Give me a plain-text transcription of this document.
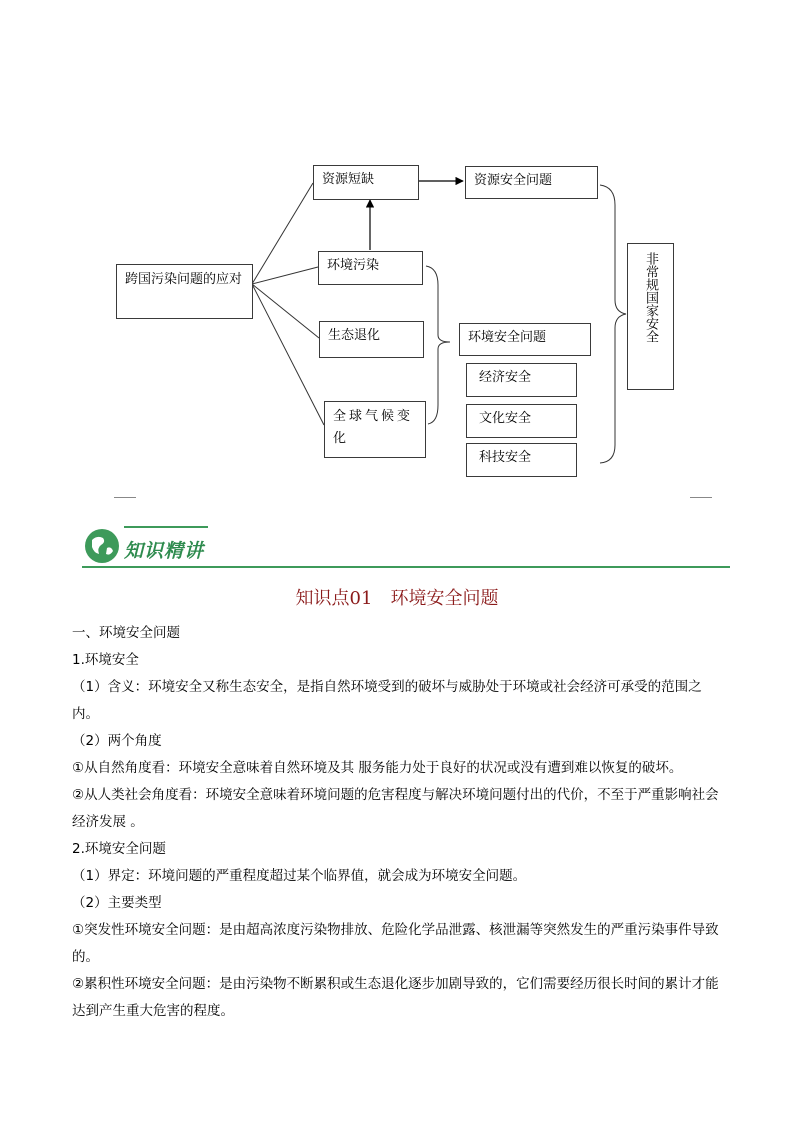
跨国污染问题的应对
资源短缺	资源安全问题
环境污染
生态退化
全球气候变化
环境安全问题
经济安全
文化安全
科技安全
非常规国家安全
知识精讲
知识点01　环境安全问题

一、环境安全问题

1.环境安全

（1）含义：环境安全又称生态安全，是指自然环境受到的破坏与威胁处于环境或社会经济可承受的范围之内。

（2）两个角度

①从自然角度看：环境安全意味着自然环境及其 服务能力处于良好的状况或没有遭到难以恢复的破坏。

②从人类社会角度看：环境安全意味着环境问题的危害程度与解决环境问题付出的代价，不至于严重影响社会经济发展 。

2.环境安全问题

（1）界定：环境问题的严重程度超过某个临界值，就会成为环境安全问题。

（2）主要类型

①突发性环境安全问题：是由超高浓度污染物排放、危险化学品泄露、核泄漏等突然发生的严重污染事件导致的。

②累积性环境安全问题：是由污染物不断累积或生态退化逐步加剧导致的，它们需要经历很长时间的累计才能达到产生重大危害的程度。
